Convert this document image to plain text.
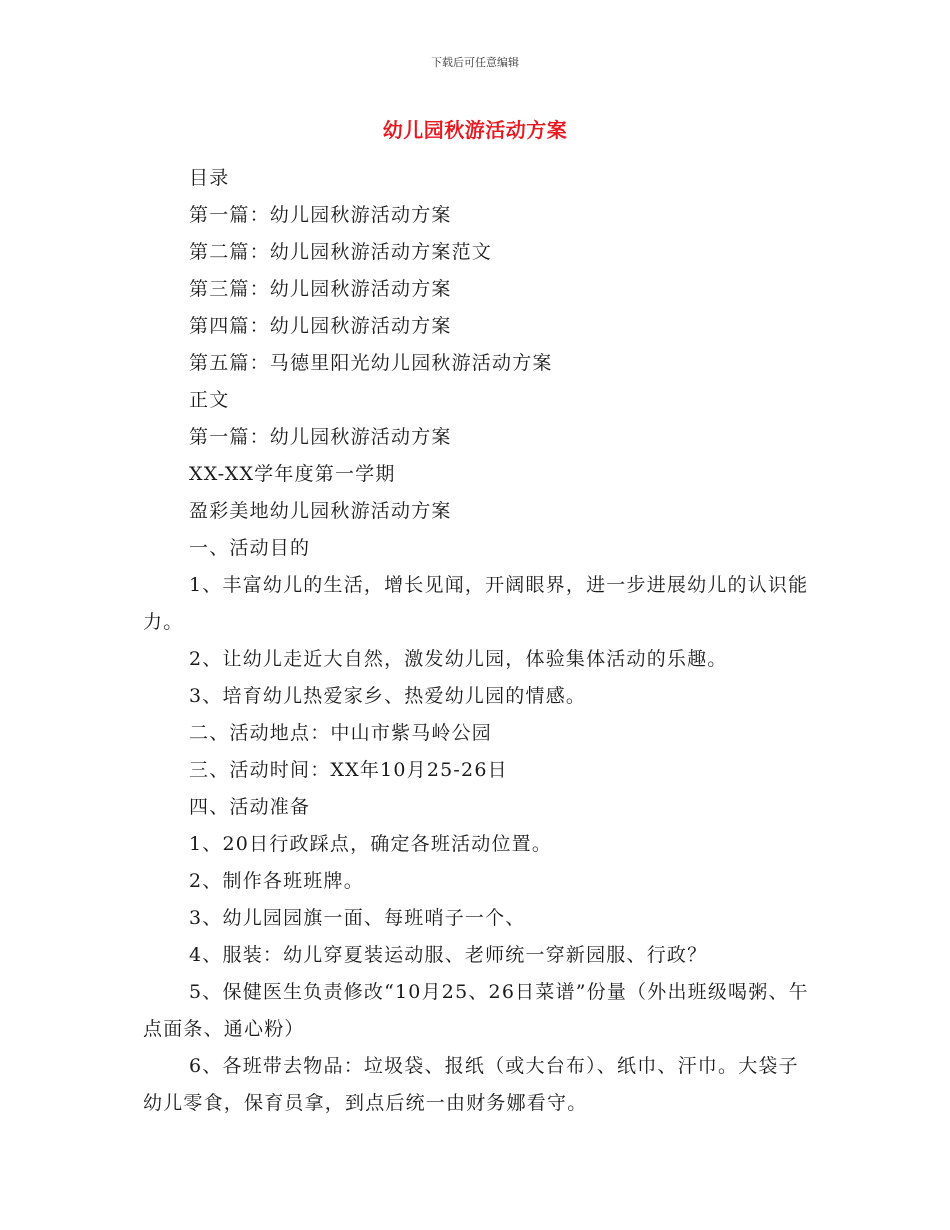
下载后可任意编辑
幼儿园秋游活动方案

目录

第一篇：幼儿园秋游活动方案

第二篇：幼儿园秋游活动方案范文

第三篇：幼儿园秋游活动方案

第四篇：幼儿园秋游活动方案

第五篇：马德里阳光幼儿园秋游活动方案

正文

第一篇：幼儿园秋游活动方案

XX-XX学年度第一学期

盈彩美地幼儿园秋游活动方案

一、活动目的

1、丰富幼儿的生活，增长见闻，开阔眼界，进一步进展幼儿的认识能力。

2、让幼儿走近大自然，激发幼儿园，体验集体活动的乐趣。

3、培育幼儿热爱家乡、热爱幼儿园的情感。

二、活动地点：中山市紫马岭公园

三、活动时间：XX年10月25-26日

四、活动准备

1、20日行政踩点，确定各班活动位置。

2、制作各班班牌。

3、幼儿园园旗一面、每班哨子一个、

4、服装：幼儿穿夏装运动服、老师统一穿新园服、行政？

5、保健医生负责修改“10月25、26日菜谱”份量（外出班级喝粥、午点面条、通心粉）

6、各班带去物品：垃圾袋、报纸（或大台布）、纸巾、汗巾。大袋子幼儿零食，保育员拿，到点后统一由财务娜看守。
